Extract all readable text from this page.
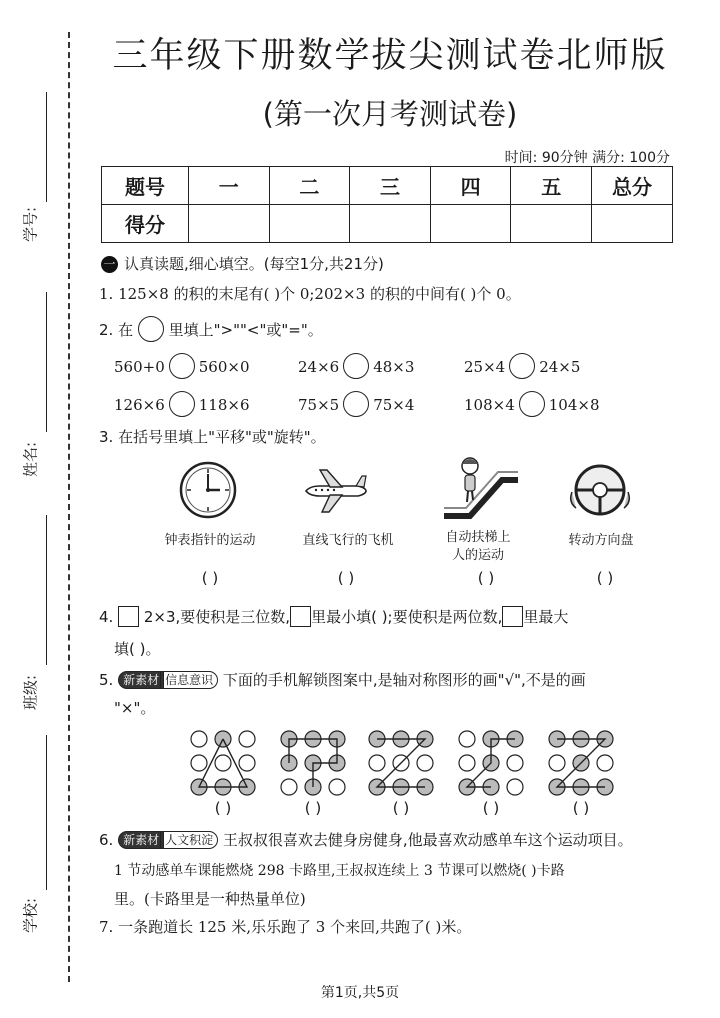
学号:
姓名:
班级:
学校:
三年级下册数学拔尖测试卷北师版
(第一次月考测试卷)
时间: 90分钟 满分: 100分
题号	一	二	三	四	五	总分
得分						
一 认真读题,细心填空。(每空1分,共21分)
1. 125×8 的积的末尾有( )个 0;202×3 的积的中间有( )个 0。
2. 在 里填上">""<"或"="。
560+0 560×0	24×6 48×3	25×4 24×5
126×6 118×6	75×5 75×4	108×4 104×8
3. 在括号里填上"平移"或"旋转"。
钟表指针的运动	直线飞行的飞机	自动扶梯上
人的运动
转动方向盘
( )	( )	( )	( )
4. 2×3,要使积是三位数, 里最小填( );要使积是两位数, 里最大
填( )。
5. 新素材 信息意识 下面的手机解锁图案中,是轴对称图形的画"√",不是的画
"×"。
( )	( )	( )	( )	( )
6. 新素材 人文积淀 王叔叔很喜欢去健身房健身,他最喜欢动感单车这个运动项目。
1 节动感单车课能燃烧 298 卡路里,王叔叔连续上 3 节课可以燃烧( )卡路
里。(卡路里是一种热量单位)
7. 一条跑道长 125 米,乐乐跑了 3 个来回,共跑了( )米。
第1页,共5页
